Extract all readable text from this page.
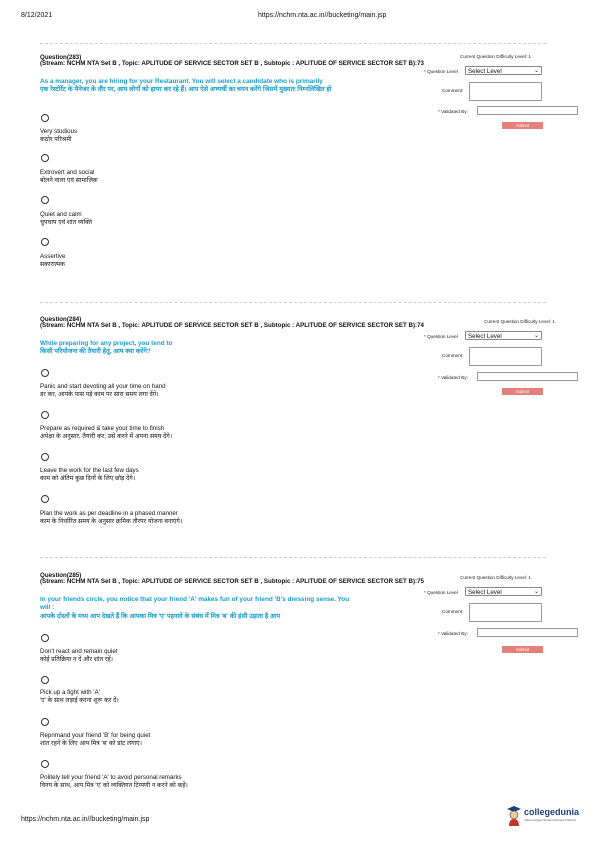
8/12/2021	https://nchm.nta.ac.in//bucketing/main.jsp
Question(283)
(Stream: NCHM NTA Set B , Topic: APLITUDE OF SERVICE SECTOR SET B , Subtopic : APLITUDE OF SERVICE SECTOR SET B):73
As a manager, you are hiring for your Restaurant. You will select a candidate who is primarily
एक रेस्टोरेंट के मैनेजर के तौर पर, आप लोगों को हायर कर रहे हैं। आप ऐसे अभ्यर्थी का चयन करेंगे जिसमें मुख्यतः निम्नलिखित हो
Current Question Difficulty Level: 1
* Question Level	Select Level	⌄
Comment:
* Validated By:
Submit
Very studious
कठोर परिश्रमी
Extrovert and social
बोलने वाला एवं सामाजिक
Quiet and calm
चुपचाप एवं शांत व्यक्ति
Assertive
सकारात्मक
Question(284)
(Stream: NCHM NTA Set B , Topic: APLITUDE OF SERVICE SECTOR SET B , Subtopic : APLITUDE OF SERVICE SECTOR SET B):74
While preparing for any project, you tend to
किसी परियोजना की तैयारी हेतु, आप क्या करेंगे?
Current Question Difficulty Level: 1
* Question Level	Select Level	⌄
Comment:
* Validated By:
Submit
Panic and start devoting all your time on hand
डर कर, आपके पास पड़े काम पर सारा समय लगा देंगे।
Prepare as required & take your time to finish
अपेक्षा के अनुसार, तैयारी कर, उसे करने में अपना समय देंगे।
Leave the work for the last few days
काम को अंतिम कुछ दिनों के लिए छोड़ देंगे।
Plan the work as per deadline in a phased manner
काम के निर्धारित समय के अनुसार क्रमिक तौरपर योजना बनाएंगे।
Question(285)
(Stream: NCHM NTA Set B , Topic: APLITUDE OF SERVICE SECTOR SET B , Subtopic : APLITUDE OF SERVICE SECTOR SET B):75
In your friends circle, you notice that your friend 'A' makes fun of your friend 'B's dressing sense. You will :
आपके दोस्तों के मध्य आप देखते हैं कि आपका मित्र 'ए' पहनावे के संबंध में मित्र 'ब' की हंसी उड़ाता है आप
Current Question Difficulty Level: 1
* Question Level	Select Level	⌄
Comment:
* Validated By:
Submit
Don't react and remain quiet
कोई प्रतिक्रिया न दें और शांत रहें।
Pick up a fight with 'A'
'ए' के साथ लड़ाई करना शुरू कर दें।
Reprimand your friend 'B' for being quiet
शांत रहने के लिए आप मित्र 'ब' को डांट लगाएं।
Politely tell your friend 'A' to avoid personal remarks
विनय के साथ, आप मित्र 'ए' को व्यक्तिगत टिप्पणी न करने को कहें।
https://nchm.nta.ac.in//bucketing/main.jsp
collegedunia
India's largest Student Review Platform
